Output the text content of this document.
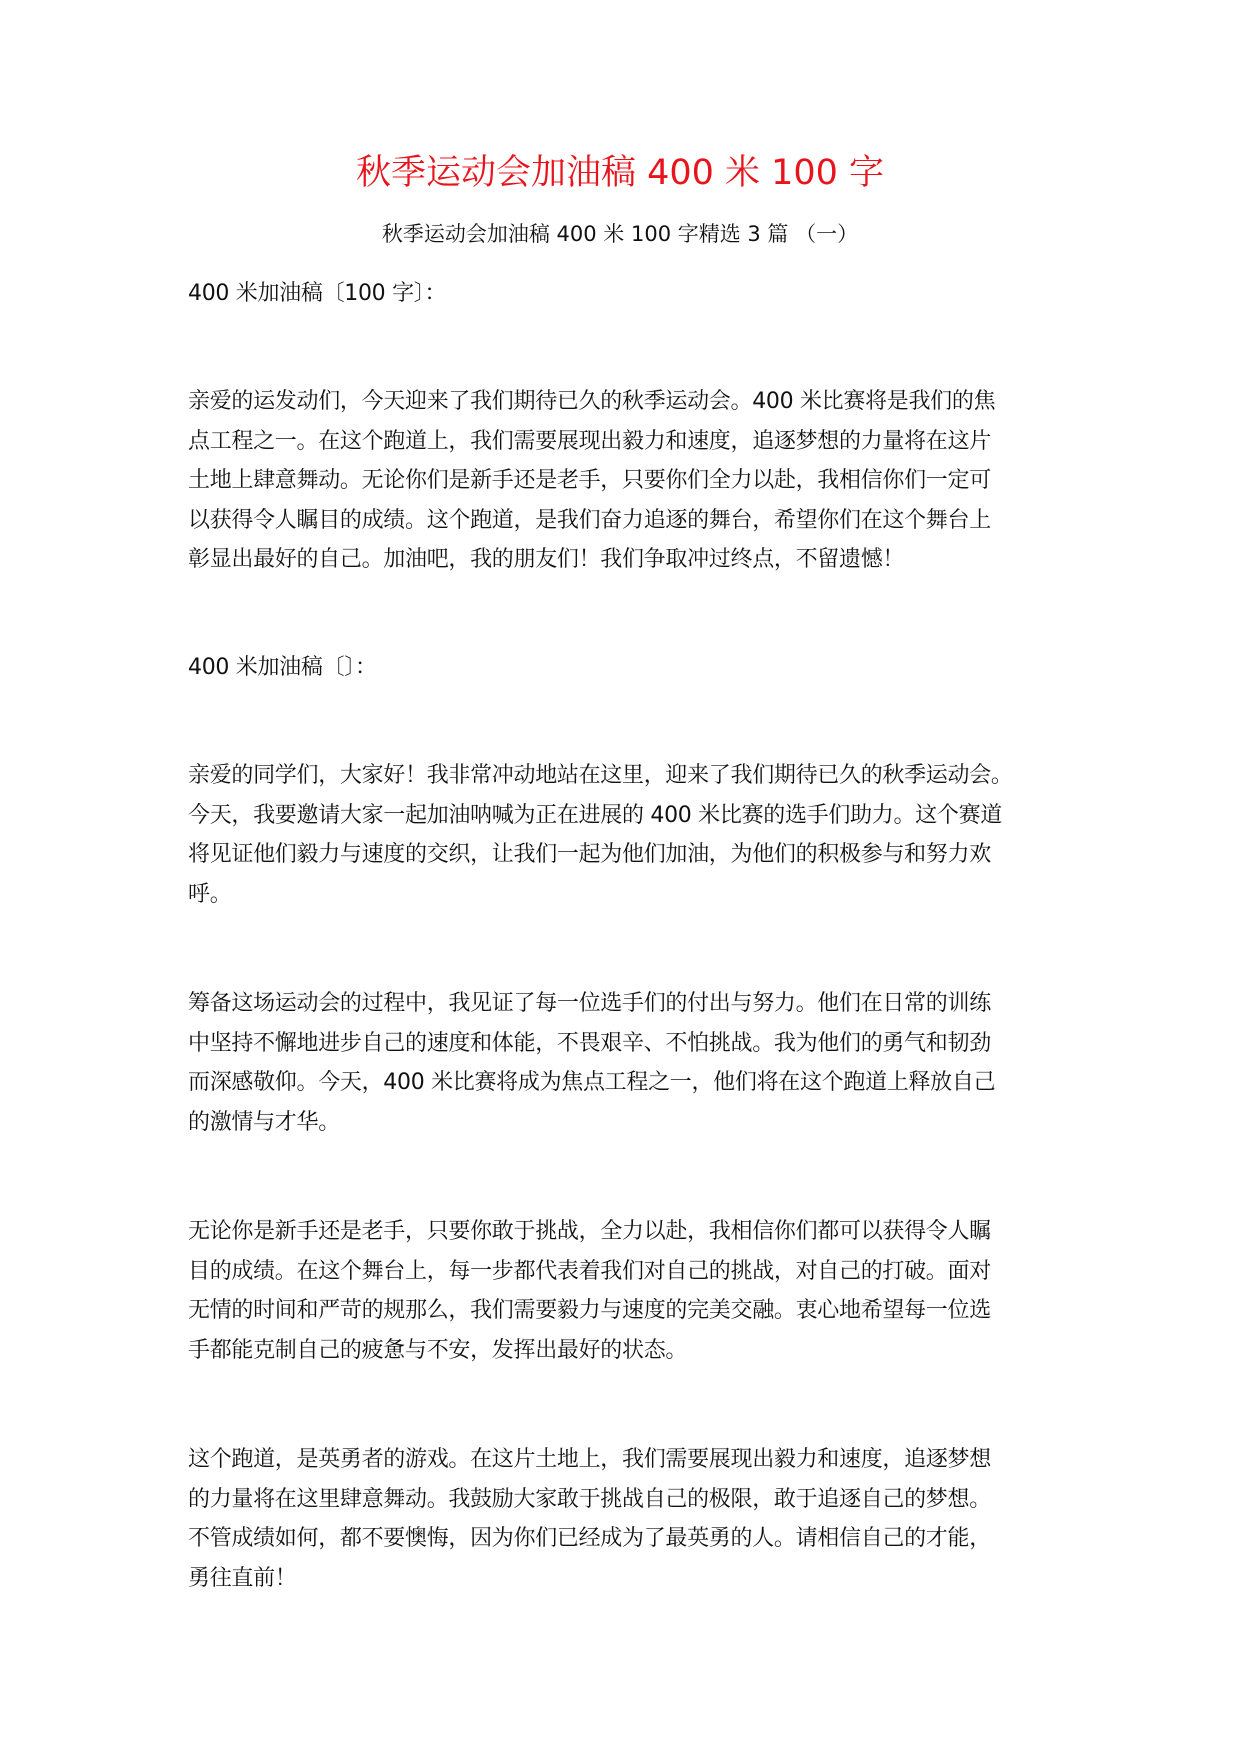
秋季运动会加油稿 400 米 100 字
秋季运动会加油稿 400 米 100 字精选 3 篇 （一）
400 米加油稿〔100 字〕：
亲爱的运发动们，今天迎来了我们期待已久的秋季运动会。400 米比赛将是我们的焦
点工程之一。在这个跑道上，我们需要展现出毅力和速度，追逐梦想的力量将在这片
土地上肆意舞动。无论你们是新手还是老手，只要你们全力以赴，我相信你们一定可
以获得令人瞩目的成绩。这个跑道，是我们奋力追逐的舞台，希望你们在这个舞台上
彰显出最好的自己。加油吧，我的朋友们！我们争取冲过终点，不留遗憾！
400 米加油稿〔〕：
亲爱的同学们，大家好！我非常冲动地站在这里，迎来了我们期待已久的秋季运动会。
今天，我要邀请大家一起加油呐喊为正在进展的 400 米比赛的选手们助力。这个赛道
将见证他们毅力与速度的交织，让我们一起为他们加油，为他们的积极参与和努力欢
呼。
筹备这场运动会的过程中，我见证了每一位选手们的付出与努力。他们在日常的训练
中坚持不懈地进步自己的速度和体能，不畏艰辛、不怕挑战。我为他们的勇气和韧劲
而深感敬仰。今天，400 米比赛将成为焦点工程之一，他们将在这个跑道上释放自己
的激情与才华。
无论你是新手还是老手，只要你敢于挑战，全力以赴，我相信你们都可以获得令人瞩
目的成绩。在这个舞台上，每一步都代表着我们对自己的挑战，对自己的打破。面对
无情的时间和严苛的规那么，我们需要毅力与速度的完美交融。衷心地希望每一位选
手都能克制自己的疲惫与不安，发挥出最好的状态。
这个跑道，是英勇者的游戏。在这片土地上，我们需要展现出毅力和速度，追逐梦想
的力量将在这里肆意舞动。我鼓励大家敢于挑战自己的极限，敢于追逐自己的梦想。
不管成绩如何，都不要懊悔，因为你们已经成为了最英勇的人。请相信自己的才能，
勇往直前！
